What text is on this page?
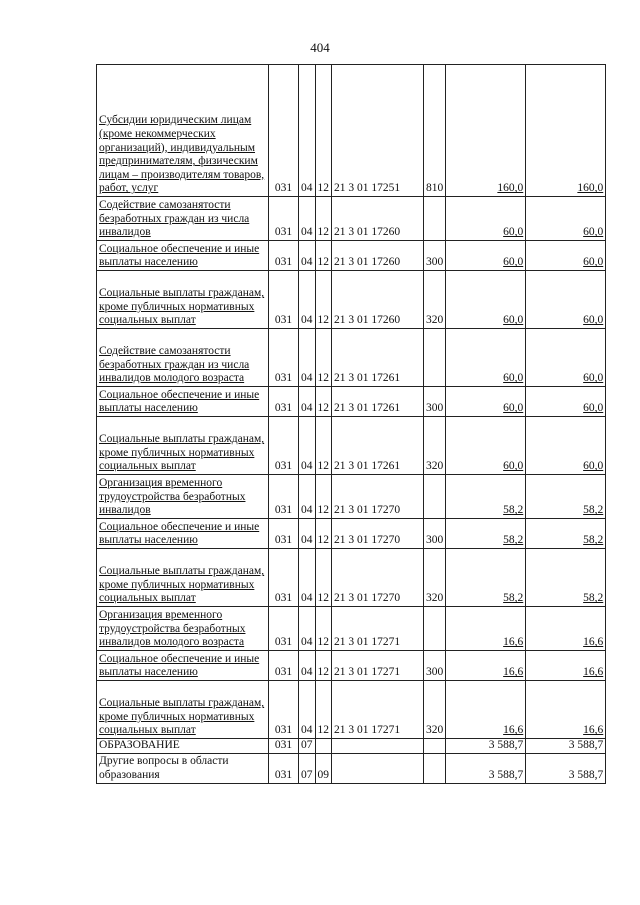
404
Субсидии юридическим лицам (кроме некоммерческих организаций), индивидуальным предпринимателям, физическим лицам – производителям товаров, работ, услуг	031	04	12	21 3 01 17251	810	160,0	160,0
Содействие самозанятости безработных граждан из числа инвалидов	031	04	12	21 3 01 17260		60,0	60,0
Социальное обеспечение и иные выплаты населению	031	04	12	21 3 01 17260	300	60,0	60,0
Социальные выплаты гражданам, кроме публичных нормативных социальных выплат	031	04	12	21 3 01 17260	320	60,0	60,0
Содействие самозанятости безработных граждан из числа инвалидов молодого возраста	031	04	12	21 3 01 17261		60,0	60,0
Социальное обеспечение и иные выплаты населению	031	04	12	21 3 01 17261	300	60,0	60,0
Социальные выплаты гражданам, кроме публичных нормативных социальных выплат	031	04	12	21 3 01 17261	320	60,0	60,0
Организация временного трудоустройства безработных инвалидов	031	04	12	21 3 01 17270		58,2	58,2
Социальное обеспечение и иные выплаты населению	031	04	12	21 3 01 17270	300	58,2	58,2
Социальные выплаты гражданам, кроме публичных нормативных социальных выплат	031	04	12	21 3 01 17270	320	58,2	58,2
Организация временного трудоустройства безработных инвалидов молодого возраста	031	04	12	21 3 01 17271		16,6	16,6
Социальное обеспечение и иные выплаты населению	031	04	12	21 3 01 17271	300	16,6	16,6
Социальные выплаты гражданам, кроме публичных нормативных социальных выплат	031	04	12	21 3 01 17271	320	16,6	16,6
ОБРАЗОВАНИЕ	031	07				3 588,7	3 588,7
Другие вопросы в области образования	031	07	09			3 588,7	3 588,7
